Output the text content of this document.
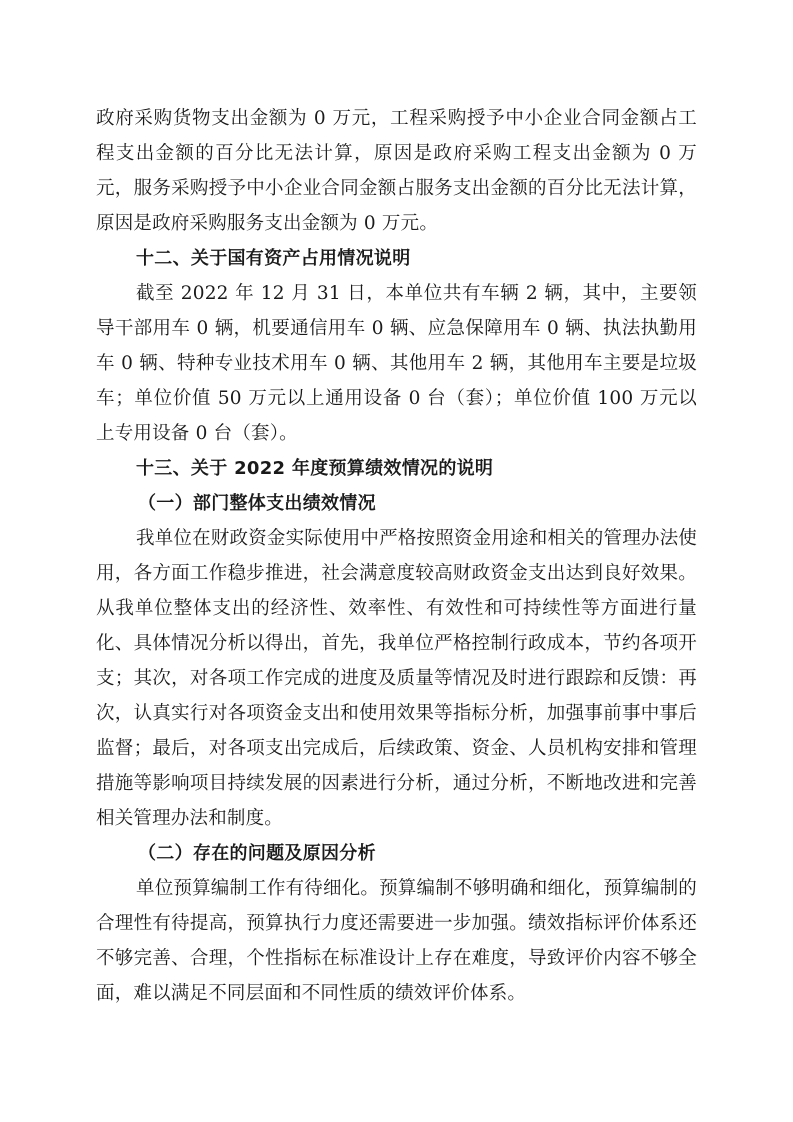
政府采购货物支出金额为 0 万元，工程采购授予中小企业合同金额占工程支出金额的百分比无法计算，原因是政府采购工程支出金额为 0 万元，服务采购授予中小企业合同金额占服务支出金额的百分比无法计算，原因是政府采购服务支出金额为 0 万元。

十二、关于国有资产占用情况说明

截至 2022 年 12 月 31 日，本单位共有车辆 2 辆，其中，主要领导干部用车 0 辆，机要通信用车 0 辆、应急保障用车 0 辆、执法执勤用车 0 辆、特种专业技术用车 0 辆、其他用车 2 辆，其他用车主要是垃圾车；单位价值 50 万元以上通用设备 0 台（套）；单位价值 100 万元以上专用设备 0 台（套）。

十三、关于 2022 年度预算绩效情况的说明
（一）部门整体支出绩效情况

我单位在财政资金实际使用中严格按照资金用途和相关的管理办法使用，各方面工作稳步推进，社会满意度较高财政资金支出达到良好效果。从我单位整体支出的经济性、效率性、有效性和可持续性等方面进行量化、具体情况分析以得出，首先，我单位严格控制行政成本，节约各项开支；其次，对各项工作完成的进度及质量等情况及时进行跟踪和反馈：再次，认真实行对各项资金支出和使用效果等指标分析，加强事前事中事后监督；最后，对各项支出完成后，后续政策、资金、人员机构安排和管理措施等影响项目持续发展的因素进行分析，通过分析，不断地改进和完善相关管理办法和制度。

（二）存在的问题及原因分析

单位预算编制工作有待细化。预算编制不够明确和细化，预算编制的合理性有待提高，预算执行力度还需要进一步加强。绩效指标评价体系还不够完善、合理，个性指标在标准设计上存在难度，导致评价内容不够全面，难以满足不同层面和不同性质的绩效评价体系。
